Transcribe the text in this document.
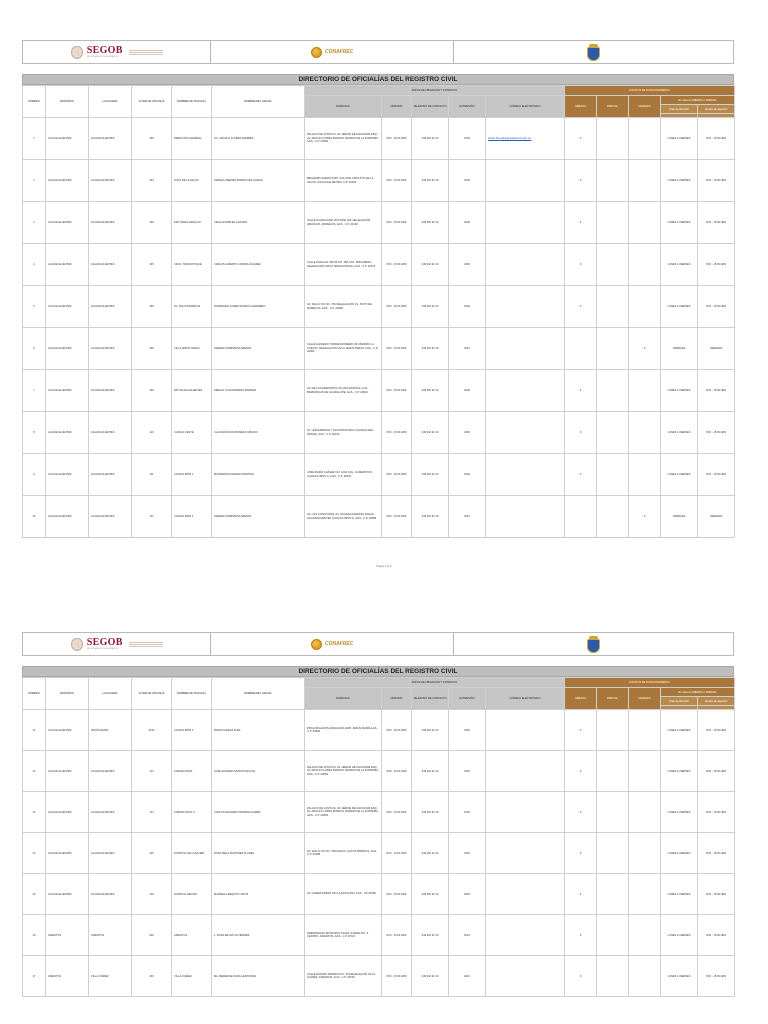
SEGOB
SECRETARÍA DE GOBERNACIÓN
CONAFREC
DIRECTORIO DE OFICIALÍAS DEL REGISTRO CIVIL
NÚMERO	MUNICIPIO	LOCALIDAD	CLAVE DE OFICIALÍA	NOMBRE DE OFICIALÍA	NOMBRE DEL OFICIAL	DATOS DE UBICACIÓN Y CONTACTO					ESTATUS DE FUNCIONAMIENTO				
						DOMICILIO	HORARIO	TELÉFONO DE CONTACTO	EXTENSIÓN	CORREO ELECTRÓNICO	ABIERTA	PARCIAL	CERRADA	En caso de ABIERTA o PARCIAL	
														Días de atención	Horario de atención

1	AGUASCALIENTES	AGUASCALIENTES	106	DIRECCIÓN GENERAL	LIC. ADOLFO FLORES RAMÍREZ	PALACIO DE JUSTICIA, AV. HÉROE DE NACOZARI ESQ. AV. ADOLFO LÓPEZ MATEOS, BARRIO DE LA PURÍSIMA, AGS., C.P. 20259	8:00 - 15:00 HRS	449 910 20 10	1500	adolfo.flores@aguascalientes.gob.mx	X			LUNES A VIERNES	8:00 - 15:00 HRS
2	AGUASCALIENTES	AGUASCALIENTES	104	GATO DE LA SALUD	TERESA JIMÉNEZ RODRÍGUEZ GARCÍA	BENJAMÍN ZAPATA #125, COLONIA CIRCUITO DE LA SALUD, AGUASCALIENTES, C.P. 20263	8:00 - 15:00 HRS	449 910 20 10	2000		X			LUNES A VIERNES	8:00 - 15:00 HRS
3	AGUASCALIENTES	AGUASCALIENTES	106	ESP. MARIA HIDALGO	CECILIA ROBLES CHAVIRA	CALLE GUADALUPE VICTORIA 118, DELEGACIÓN JESÚS MA. MORELOS, AGS., C.P. 20130	8:00 - 15:00 HRS	449 910 20 10	2000		X			LUNES A VIERNES	8:00 - 15:00 HRS
4	AGUASCALIENTES	AGUASCALIENTES	105	CRUC. TERAN PONCE	CARLOS ALBERTO CORTES ÁLVAREZ	CALLE PASCUAL ORTIZ NO. 308 COL. PROGRESO, DELEGACIÓN CRUZ TERAN PONCE, AGS., C.P. 20270	8:00 - 15:00 HRS	449 910 20 10	2000		X			LUNES A VIERNES	8:00 - 15:00 HRS
5	AGUASCALIENTES	AGUASCALIENTES	106	OL. SOLIS MORELOS	NORMANDA JOSEFA RAMOS GUERRERO	AV. SIGLO XXI NO. 700 DELEGACIÓN OL. SOTO DE MORELOS, AGS., C.P. 20298	8:00 - 15:00 HRS	449 910 20 10	2000		X			LUNES A VIERNES	8:00 - 15:00 HRS
6	AGUASCALIENTES	AGUASCALIENTES	108	VILLA JESÚS TERAN	GERMAN TEMPRESA ARENTE	CALLE ALFREDO TORRES ROMERO 341 BARRIO LA CUESTA, DELEGACIÓN VILLA JESÚS TERAN, AGS., C.P. 20060	8:00 - 15:00 HRS	449 910 20 10	2014				X	CERRADA	CERRADA
7	AGUASCALIENTES	AGUASCALIENTES	109	RIF AGUASCALIENTES	SERGIO JUAN MORENO MARKER	AV. DE LOS MAESTROS S/N (DIF ESTATAL) COL. BARRANCAS DE GUADALUPE, AGS., C.P. 20010	8:00 - 15:00 HRS	449 910 20 10	2000		X			LUNES A VIERNES	8:00 - 15:00 HRS
8	AGUASCALIENTES	AGUASCALIENTES	110	CLINICA OESTE	CLAUDIA ROCIO BONDAZ DAMASO	AV. UNIVERSIDAD Y SAN FRANCISCO (CLINICA DEL OESTE), AGS., C.P. 20010	8:00 - 15:00 HRS	449 910 20 10	2000		X			LUNES A VIERNES	8:00 - 15:00 HRS
9	AGUASCALIENTES	AGUASCALIENTES	111	CLINICA IMSS 1	MARIANNOS HERNAN MARTINO	JOSÉ MARÍA CHÁVEZ NO. 1202 COL. GUMERSTOS (CLINICA IMSS 1), AGS., C.P. 20270	8:00 - 15:00 HRS	449 910 20 10	2000		X			LUNES A VIERNES	8:00 - 15:00 HRS
10	AGUASCALIENTES	AGUASCALIENTES	112	CLINICA IMSS 2	GERMAN TEMPRESA ARENTE	AV. LOS CONOS ESQ. AV. AGUASCALIENTES FRACC. AGUASCALIENTES (CLINICA IMSS 2), AGS., C.P. 20086	8:00 - 15:00 HRS	449 910 20 10	2014				X	CERRADA	CERRADA
Página 1 de 5
SEGOB
SECRETARÍA DE GOBERNACIÓN
CONAFREC
DIRECTORIO DE OFICIALÍAS DEL REGISTRO CIVIL
NÚMERO	MUNICIPIO	LOCALIDAD	CLAVE DE OFICIALÍA	NOMBRE DE OFICIALÍA	NOMBRE DEL OFICIAL	DATOS DE UBICACIÓN Y CONTACTO					ESTATUS DE FUNCIONAMIENTO				
						DOMICILIO	HORARIO	TELÉFONO DE CONTACTO	EXTENSIÓN	CORREO ELECTRÓNICO	ABIERTA	PARCIAL	CERRADA	En caso de ABIERTA o PARCIAL	
														Días de atención	Horario de atención

11	AGUASCALIENTES	JESÚS MARIA	201A	CLINICA IMSS 3	PATRICIA REAS ALBA	PROLONGACIÓN ZARAGOZA #405, JESÚS MARÍA AGS., C.P. 20900	8:00 - 15:00 HRS	449 910 20 10	2020		X			LUNES A VIERNES	8:00 - 15:00 HRS
12	AGUASCALIENTES	AGUASCALIENTES	113	UNIDAD MÓVIL	JOSÉ ALFREDO MUÑOZ MATCAS	PALACIO DE JUSTICIA, AV. HÉROE DE NACOZARI ESQ. AV. ADOLFO LÓPEZ MATEOS, BARRIO DE LA PURÍSIMA, AGS., C.P. 20259	8:00 - 15:00 HRS	449 910 20 10	1500		X			LUNES A VIERNES	8:00 - 15:00 HRS
13	AGUASCALIENTES	AGUASCALIENTES	114	UNIDAD MÓVIL 2	CARLOS EDUARDO MORENO ZAMBA	PALACIO DE JUSTICIA, AV. HÉROE DE NACOZARI ESQ. AV. ADOLFO LÓPEZ MATEOS, BARRIO DE LA PURÍSIMA, AGS., C.P. 20259	8:00 - 15:00 HRS	449 910 20 10	1500		X			LUNES A VIERNES	8:00 - 15:00 HRS
14	AGUASCALIENTES	AGUASCALIENTES	115	HOSPITAL DE LA MUJER	ROSA ISELA MARTINEZ FLORES	AV. SIGLO XXI NO. 108 FRACC. GATOS BARRIOS, AGS., C.P. 20498	8:00 - 15:00 HRS	449 910 20 10	2000		X			LUNES A VIERNES	8:00 - 15:00 HRS
15	AGUASCALIENTES	AGUASCALIENTES	119	HOSPITAL MIGUEL	MARISELA REQUIVO ORTIZ	AV. GOMEZ MORIN S/N LA ESTACIÓN, AGS., CP 20259	8:00 - 15:00 HRS	449 910 20 10	2025		X			LUNES A VIERNES	8:00 - 15:00 HRS
16	ASIENTOS	ASIENTOS	206	ASIENTOS	L. ROSA REYES GUTIÉRREZ	PRESIDENCIA MUNICIPAL PLAZA JUÁREZ NO. 3 CENTRO, ASIENTOS, AGS., C.P 20710	8:00 - 15:00 HRS	449 910 20 10	2014		X			LUNES A VIERNES	8:00 - 15:00 HRS
17	ASIENTOS	VILLA JUÁREZ	206	VILLA JUÁREZ	MA. BERENICE DAVILA ESPINOZA	CALLE ESTADO ARMADO NO. 25 DELEGACIÓN VILLA JUÁREZ, ASIENTOS, AGS., C.P. 20700	8:00 - 15:00 HRS	449 910 20 10	2013		X			LUNES A VIERNES	8:00 - 15:00 HRS
